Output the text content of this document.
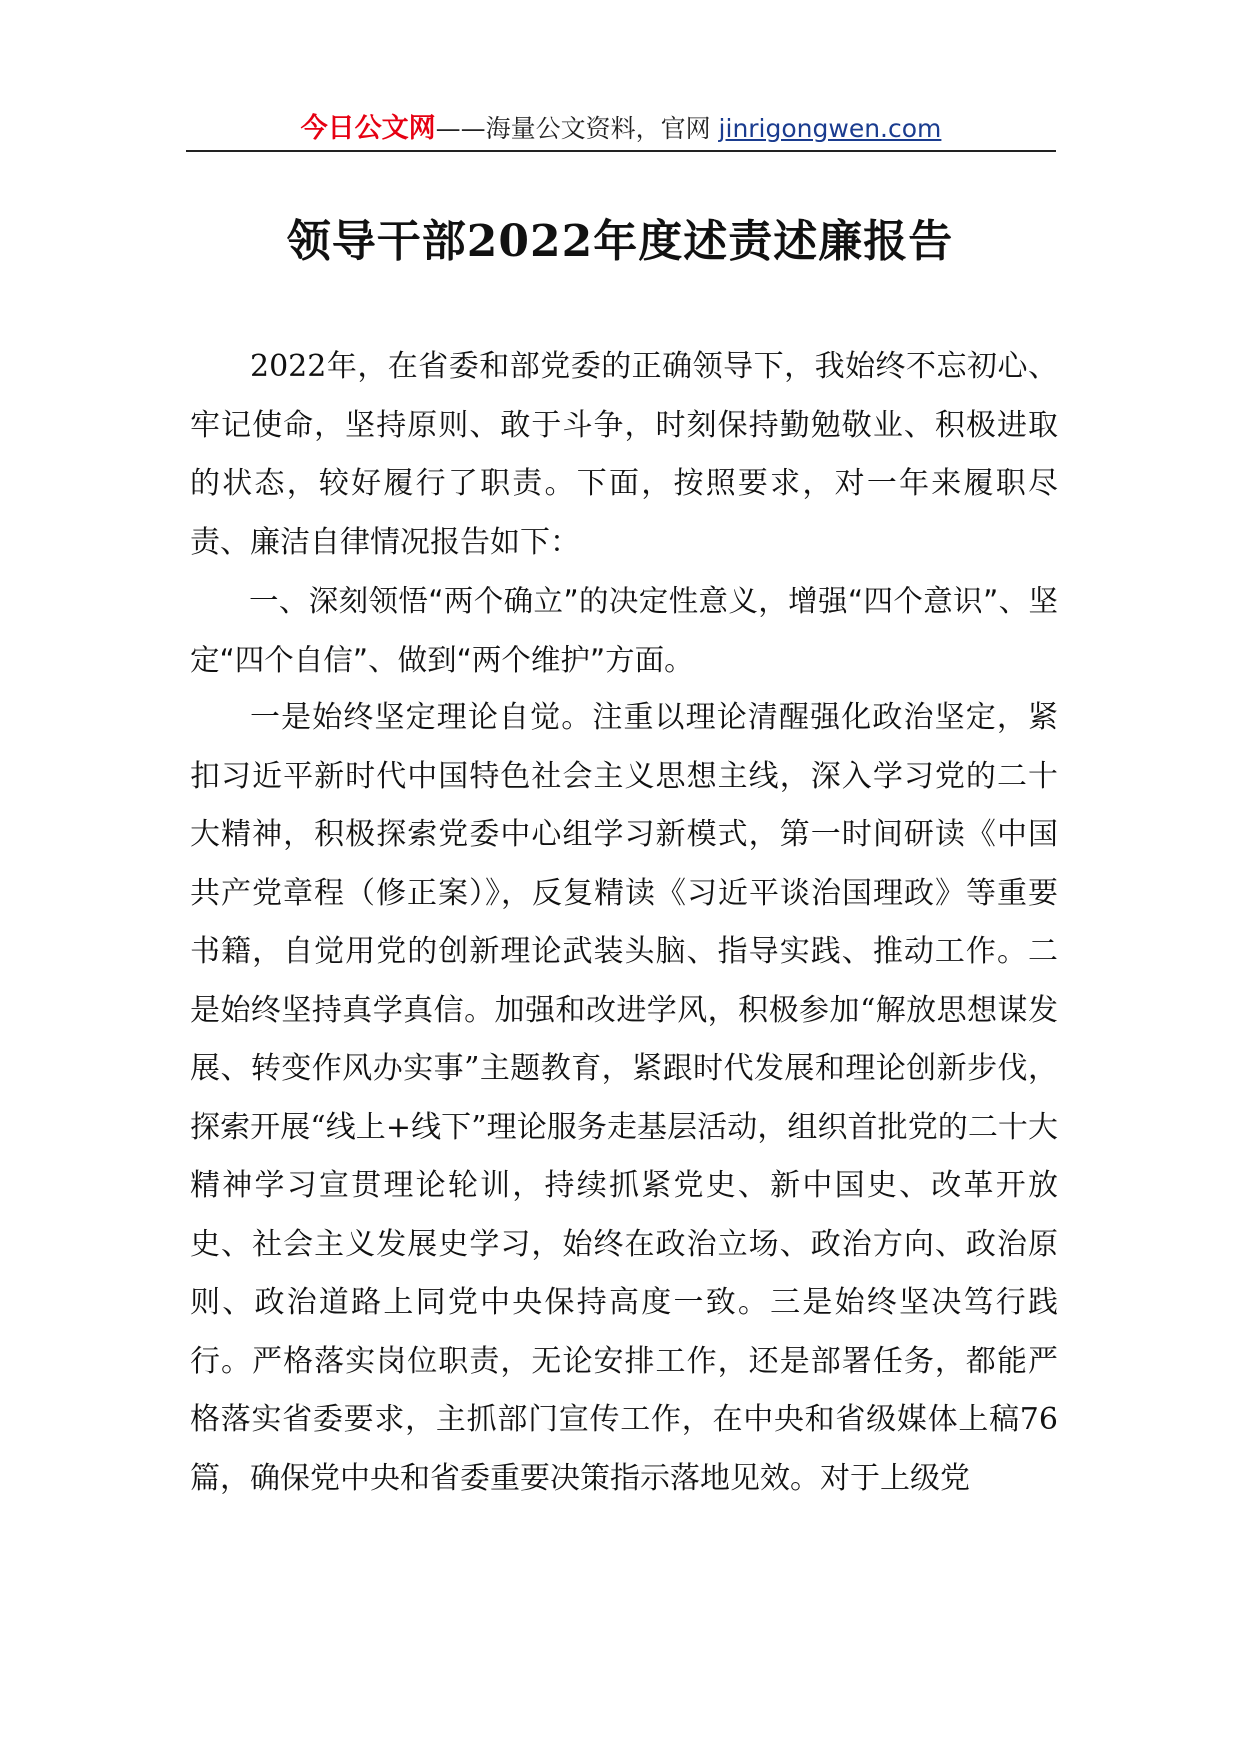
今日公文网——海量公文资料，官网 jinrigongwen.com
领导干部2022年度述责述廉报告

2022年，在省委和部党委的正确领导下，我始终不忘初心、牢记使命，坚持原则、敢于斗争，时刻保持勤勉敬业、积极进取的状态，较好履行了职责。下面，按照要求，对一年来履职尽责、廉洁自律情况报告如下：

一、深刻领悟“两个确立”的决定性意义，增强“四个意识”、坚定“四个自信”、做到“两个维护”方面。

一是始终坚定理论自觉。注重以理论清醒强化政治坚定，紧扣习近平新时代中国特色社会主义思想主线，深入学习党的二十大精神，积极探索党委中心组学习新模式，第一时间研读《中国共产党章程（修正案）》，反复精读《习近平谈治国理政》等重要书籍，自觉用党的创新理论武装头脑、指导实践、推动工作。二是始终坚持真学真信。加强和改进学风，积极参加“解放思想谋发展、转变作风办实事”主题教育，紧跟时代发展和理论创新步伐，探索开展“线上+线下”理论服务走基层活动，组织首批党的二十大精神学习宣贯理论轮训，持续抓紧党史、新中国史、改革开放史、社会主义发展史学习，始终在政治立场、政治方向、政治原则、政治道路上同党中央保持高度一致。三是始终坚决笃行践行。严格落实岗位职责，无论安排工作，还是部署任务，都能严格落实省委要求，主抓部门宣传工作，在中央和省级媒体上稿76篇，确保党中央和省委重要决策指示落地见效。对于上级党
